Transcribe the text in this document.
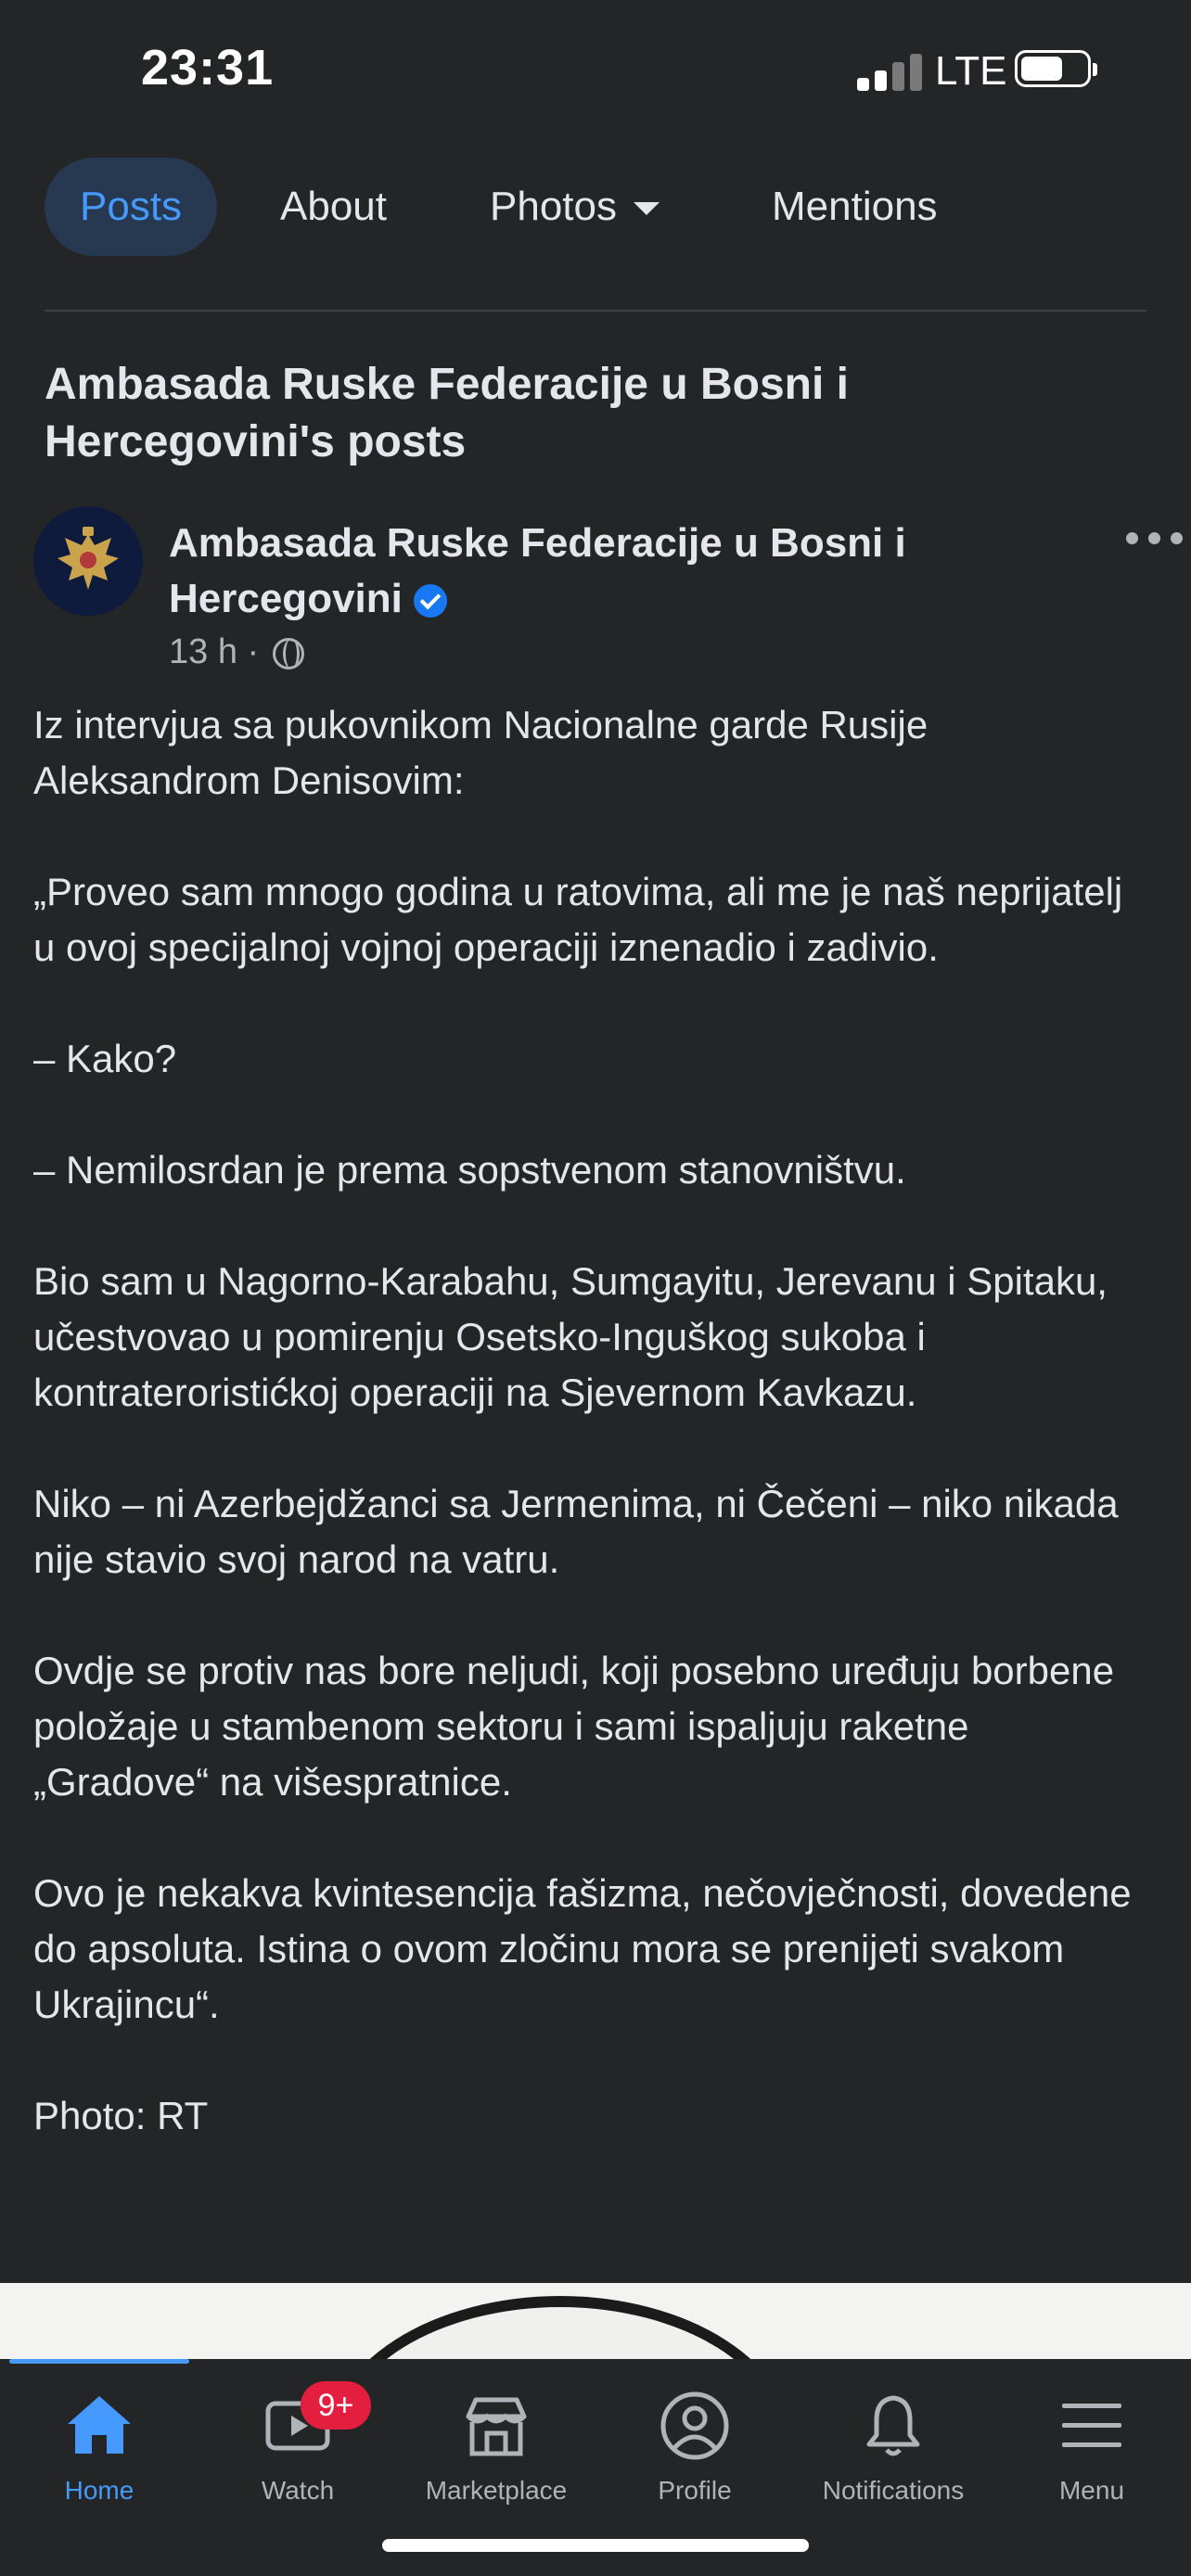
23:31	LTE
Posts	About	Photos	Mentions
Ambasada Ruske Federacije u Bosni i Hercegovini's posts
Ambasada Ruske Federacije u Bosni i Hercegovini
13 h ·

Iz intervjua sa pukovnikom Nacionalne garde Rusije Aleksandrom Denisovim:

„Proveo sam mnogo godina u ratovima, ali me je naš neprijatelj u ovoj specijalnoj vojnoj operaciji iznenadio i zadivio.

– Kako?

– Nemilosrdan je prema sopstvenom stanovništvu.

Bio sam u Nagorno-Karabahu, Sumgayitu, Jerevanu i Spitaku, učestvovao u pomirenju Osetsko-Inguškog sukoba i kontrateroristićkoj operaciji na Sjevernom Kavkazu.

Niko – ni Azerbejdžanci sa Jermenima, ni Čečeni – niko nikada nije stavio svoj narod na vatru.

Ovdje se protiv nas bore neljudi, koji posebno uređuju borbene položaje u stambenom sektoru i sami ispaljuju raketne „Gradove“ na višespratnice.

Ovo je nekakva kvintesencija fašizma, nečovječnosti, dovedene do apsoluta. Istina o ovom zločinu mora se prenijeti svakom Ukrajincu“.

Photo: RT

Home
9+
Watch	Marketplace	Profile	Notifications	Menu
